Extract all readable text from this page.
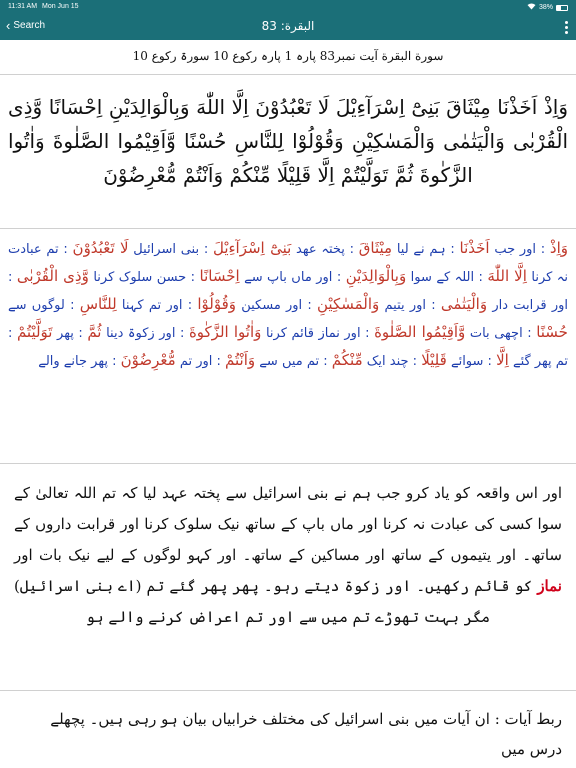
11:31 AM Mon Jun 15	38%
‹ Search	البقرة: 83
سورة البقرة آیت نمبر83 پارہ 1 پارہ رکوع 10 سورۃ رکوع 10
وَاِذْ اَخَذْنَا مِيْثَاقَ بَنِىْٓ اِسْرَآءِيْلَ لَا تَعْبُدُوْنَ اِلَّا اللّٰهَ وَبِالْوَالِدَيْنِ اِحْسَانًا وَّذِى الْقُرْبٰى وَالْيَتٰمٰى وَالْمَسٰكِيْنِ وَقُوْلُوْا لِلنَّاسِ حُسْنًا وَّاَقِيْمُوا الصَّلٰوةَ وَاٰتُوا الزَّكٰوةَ ثُمَّ تَوَلَّيْتُمْ اِلَّا قَلِيْلًا مِّنْكُمْ وَاَنْتُمْ مُّعْرِضُوْنَ
وَاِذْ : اور جب اَخَذْنَا : ہم نے لیا مِيْثَاقَ : پختہ عھد بَنِىْٓ اِسْرَآءِيْلَ : بنی اسرائیل لَا تَعْبُدُوْنَ : تم عبادت نہ کرنا اِلَّا اللّٰهَ : اللہ کے سوا وَبِالْوَالِدَيْنِ : اور ماں باپ سے اِحْسَانًا : حسن سلوک کرنا وَّذِى الْقُرْبٰى : اور قرابت دار وَالْيَتٰمٰى : اور یتیم وَالْمَسٰكِيْنِ : اور مسکین وَقُوْلُوْا : اور تم کہنا لِلنَّاسِ : لوگوں سے حُسْنًا : اچھی بات وَّاَقِيْمُوا الصَّلٰوةَ : اور نماز قائم کرنا وَاٰتُوا الزَّكٰوةَ : اور زکوۃ دینا ثُمَّ : پھر تَوَلَّيْتُمْ : تم پھر گئے اِلَّا : سوائے قَلِيْلًا : چند ایک مِّنْكُمْ : تم میں سے وَاَنْتُمْ : اور تم مُّعْرِضُوْنَ : پھر جانے والے
اور اس واقعہ کو یاد کرو جب ہم نے بنی اسرائیل سے پختہ عہد لیا کہ تم اللہ تعالیٰ کے سوا کسی کی عبادت نہ کرنا اور ماں باپ کے ساتھ نیک سلوک کرنا اور قرابت داروں کے ساتھ۔ اور یتیموں کے ساتھ اور مساکین کے ساتھ۔ اور کہو لوگوں کے لیے نیک بات اور نماز کو قائم رکھیں۔ اور زکوۃ دیتے رہو۔ پھر پھر گئے تم (اے بنی اسرائیل) مگر بہت تھوڑے تم میں سے اور تم اعراض کرنے والے ہو
ربط آیات : ان آیات میں بنی اسرائیل کی مختلف خرابیاں بیان ہو رہی ہیں۔ پچھلے درس میں
